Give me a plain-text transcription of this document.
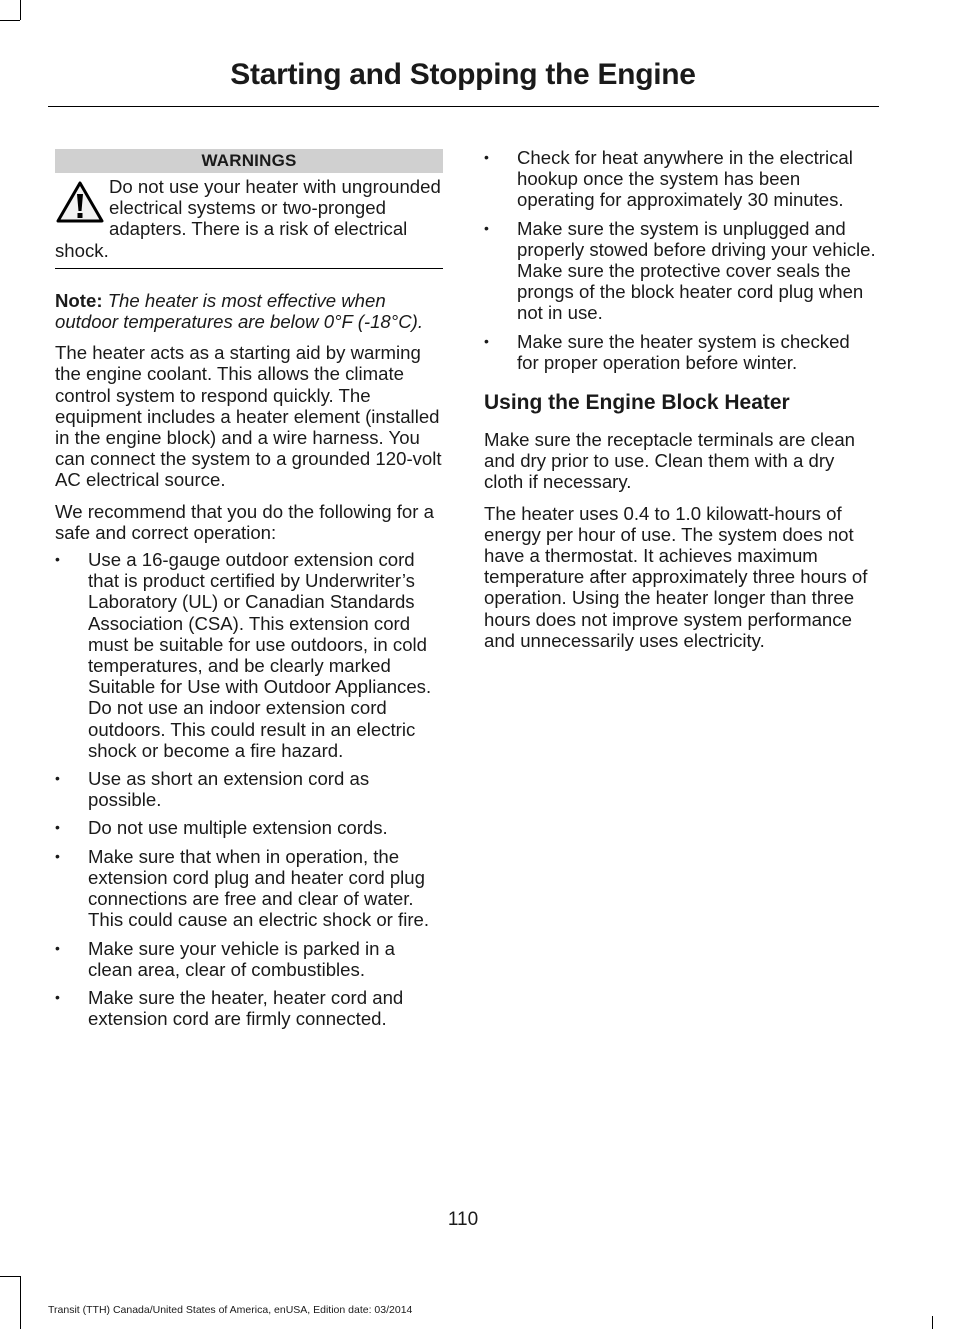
Starting and Stopping the Engine
WARNINGS
Do not use your heater with ungrounded electrical systems or two-pronged adapters. There is a risk of electrical shock.

Note: The heater is most effective when outdoor temperatures are below 0°F (-18°C).

The heater acts as a starting aid by warming the engine coolant. This allows the climate control system to respond quickly. The equipment includes a heater element (installed in the engine block) and a wire harness. You can connect the system to a grounded 120-volt AC electrical source.

We recommend that you do the following for a safe and correct operation:

• Use a 16-gauge outdoor extension cord that is product certified by Underwriter’s Laboratory (UL) or Canadian Standards Association (CSA). This extension cord must be suitable for use outdoors, in cold temperatures, and be clearly marked Suitable for Use with Outdoor Appliances. Do not use an indoor extension cord outdoors. This could result in an electric shock or become a fire hazard.
• Use as short an extension cord as possible.
• Do not use multiple extension cords.
• Make sure that when in operation, the extension cord plug and heater cord plug connections are free and clear of water. This could cause an electric shock or fire.
• Make sure your vehicle is parked in a clean area, clear of combustibles.
• Make sure the heater, heater cord and extension cord are firmly connected.
• Check for heat anywhere in the electrical hookup once the system has been operating for approximately 30 minutes.
• Make sure the system is unplugged and properly stowed before driving your vehicle. Make sure the protective cover seals the prongs of the block heater cord plug when not in use.
• Make sure the heater system is checked for proper operation before winter.
Using the Engine Block Heater

Make sure the receptacle terminals are clean and dry prior to use. Clean them with a dry cloth if necessary.

The heater uses 0.4 to 1.0 kilowatt-hours of energy per hour of use. The system does not have a thermostat. It achieves maximum temperature after approximately three hours of operation. Using the heater longer than three hours does not improve system performance and unnecessarily uses electricity.

110
Transit (TTH) Canada/United States of America, enUSA, Edition date: 03/2014
